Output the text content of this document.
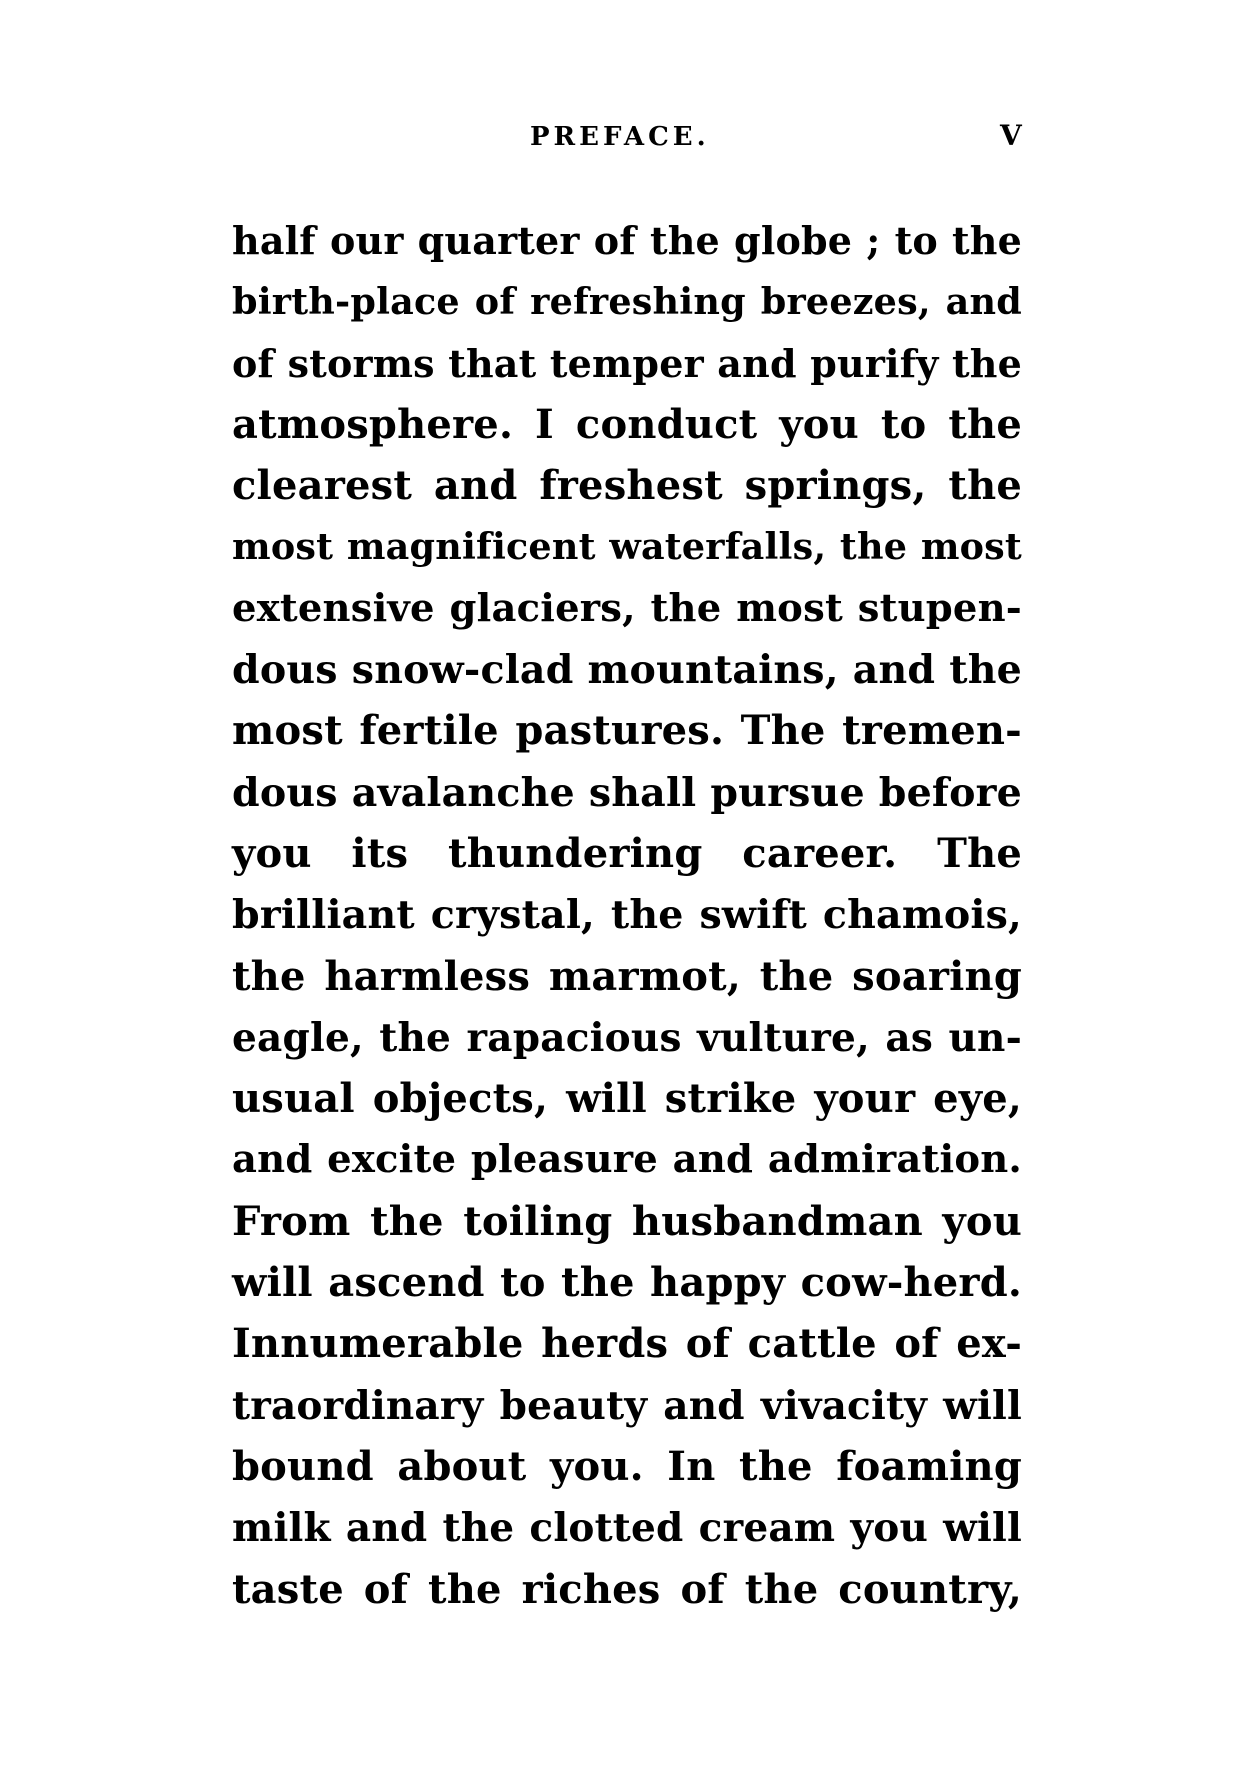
PREFACE.	V
half our quarter of the globe ; to the
birth-place of refreshing breezes, and
of storms that temper and purify the
atmosphere. I conduct you to the
clearest and freshest springs, the
most magnificent waterfalls, the most
extensive glaciers, the most stupen-
dous snow-clad mountains, and the
most fertile pastures. The tremen-
dous avalanche shall pursue before
you its thundering career. The
brilliant crystal, the swift chamois,
the harmless marmot, the soaring
eagle, the rapacious vulture, as un-
usual objects, will strike your eye,
and excite pleasure and admiration.
From the toiling husbandman you
will ascend to the happy cow-herd.
Innumerable herds of cattle of ex-
traordinary beauty and vivacity will
bound about you. In the foaming
milk and the clotted cream you will
taste of the riches of the country,
